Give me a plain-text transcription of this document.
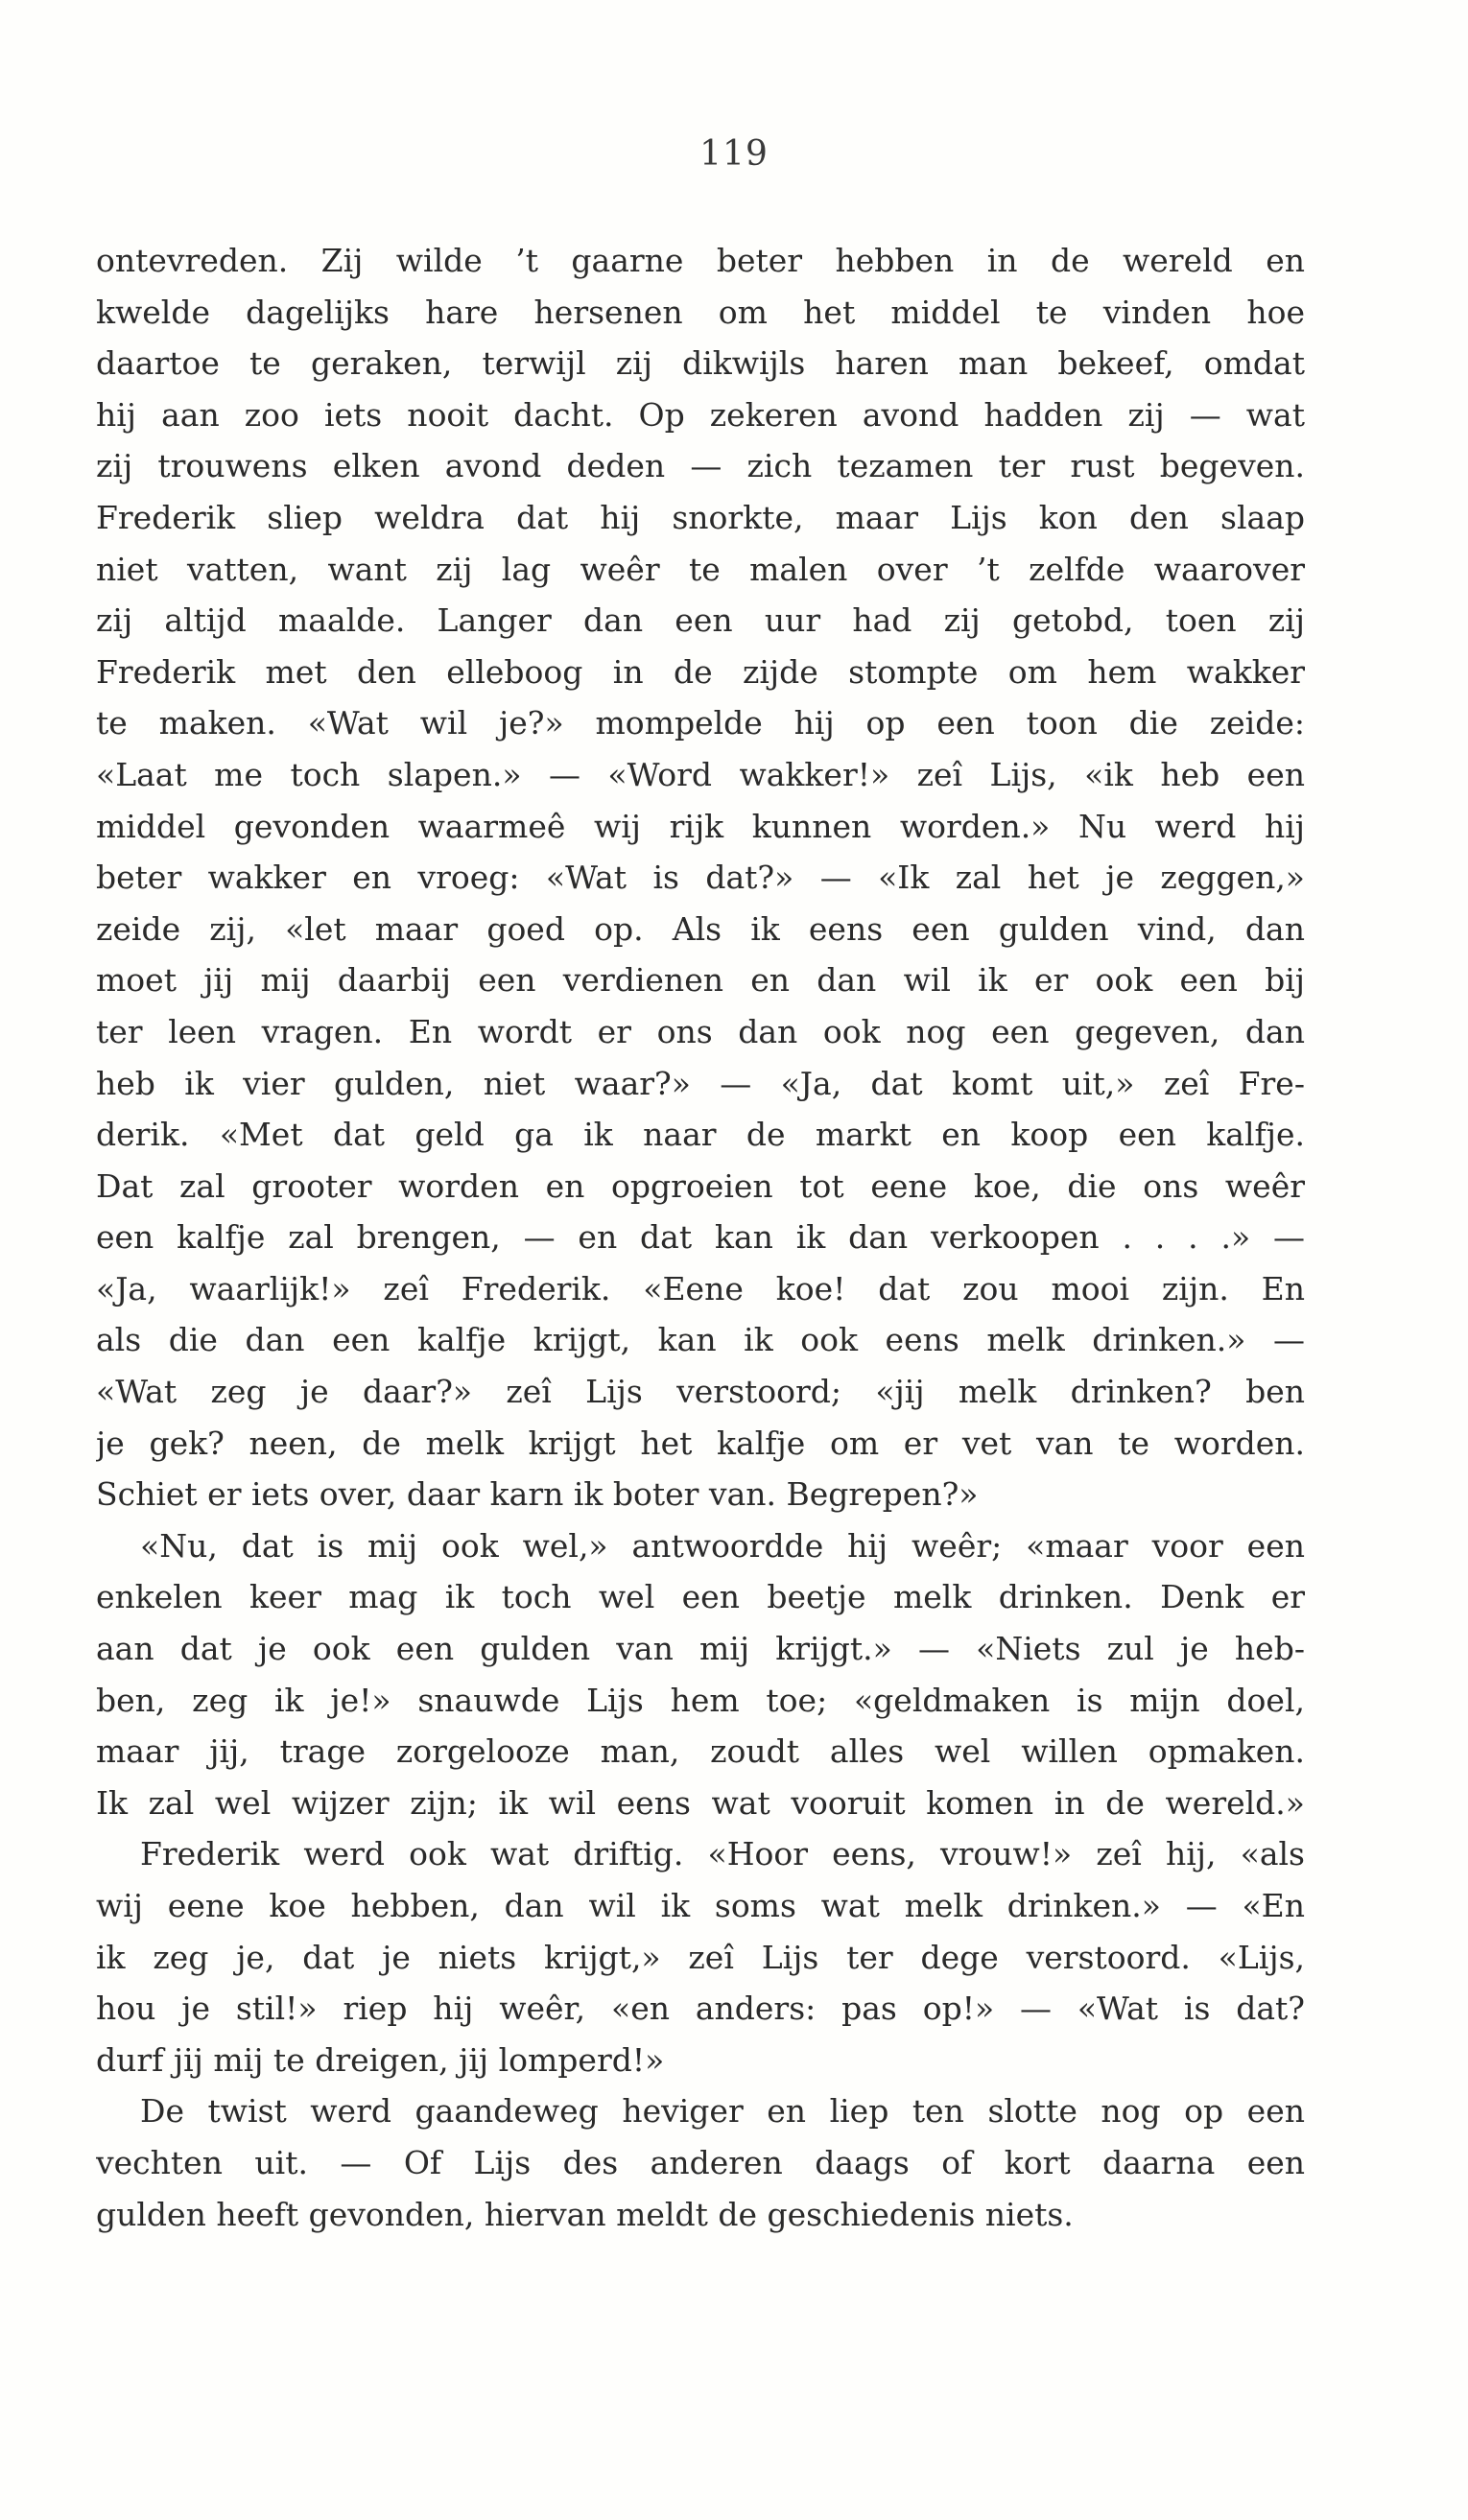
119
ontevreden. Zij wilde ’t gaarne beter hebben in de wereld en
kwelde dagelijks hare hersenen om het middel te vinden hoe
daartoe te geraken, terwijl zij dikwijls haren man bekeef, omdat
hij aan zoo iets nooit dacht. Op zekeren avond hadden zij — wat
zij trouwens elken avond deden — zich tezamen ter rust begeven.
Frederik sliep weldra dat hij snorkte, maar Lijs kon den slaap
niet vatten, want zij lag weêr te malen over ’t zelfde waarover
zij altijd maalde. Langer dan een uur had zij getobd, toen zij
Frederik met den elleboog in de zijde stompte om hem wakker
te maken. «Wat wil je?» mompelde hij op een toon die zeide:
«Laat me toch slapen.» — «Word wakker!» zeî Lijs, «ik heb een
middel gevonden waarmeê wij rijk kunnen worden.» Nu werd hij
beter wakker en vroeg: «Wat is dat?» — «Ik zal het je zeggen,»
zeide zij, «let maar goed op. Als ik eens een gulden vind, dan
moet jij mij daarbij een verdienen en dan wil ik er ook een bij
ter leen vragen. En wordt er ons dan ook nog een gegeven, dan
heb ik vier gulden, niet waar?» — «Ja, dat komt uit,» zeî Fre-
derik. «Met dat geld ga ik naar de markt en koop een kalfje.
Dat zal grooter worden en opgroeien tot eene koe, die ons weêr
een kalfje zal brengen, — en dat kan ik dan verkoopen . . . .» —
«Ja, waarlijk!» zeî Frederik. «Eene koe! dat zou mooi zijn. En
als die dan een kalfje krijgt, kan ik ook eens melk drinken.» —
«Wat zeg je daar?» zeî Lijs verstoord; «jij melk drinken? ben
je gek? neen, de melk krijgt het kalfje om er vet van te worden.
Schiet er iets over, daar karn ik boter van. Begrepen?»
«Nu, dat is mij ook wel,» antwoordde hij weêr; «maar voor een
enkelen keer mag ik toch wel een beetje melk drinken. Denk er
aan dat je ook een gulden van mij krijgt.» — «Niets zul je heb-
ben, zeg ik je!» snauwde Lijs hem toe; «geldmaken is mijn doel,
maar jij, trage zorgelooze man, zoudt alles wel willen opmaken.
Ik zal wel wijzer zijn; ik wil eens wat vooruit komen in de wereld.»
Frederik werd ook wat driftig. «Hoor eens, vrouw!» zeî hij, «als
wij eene koe hebben, dan wil ik soms wat melk drinken.» — «En
ik zeg je, dat je niets krijgt,» zeî Lijs ter dege verstoord. «Lijs,
hou je stil!» riep hij weêr, «en anders: pas op!» — «Wat is dat?
durf jij mij te dreigen, jij lomperd!»
De twist werd gaandeweg heviger en liep ten slotte nog op een
vechten uit. — Of Lijs des anderen daags of kort daarna een
gulden heeft gevonden, hiervan meldt de geschiedenis niets.
